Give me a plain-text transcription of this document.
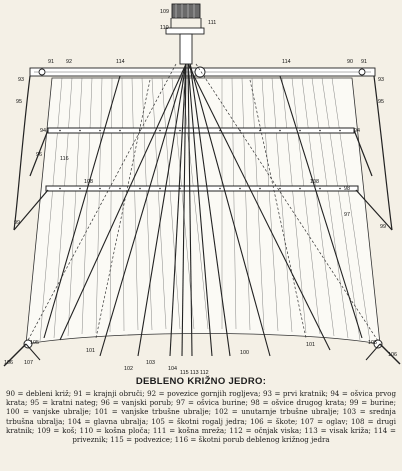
109
110
111
91 92	114	114	90 91
93	93
95	95
94	94
96
116
108	108
97
98
99
99
106
106
105	105
107
101
101
102
103
104
115 113 112
100
DEBLENO KRIŽNO JEDRO:
90 = debleni križ; 91 = krajnji obruči; 92 = povezice gornjih rogljeva; 93 = prvi kratnik; 94 = ošvica prvog krata; 95 = kratni nateg; 96 = vanjski porub; 97 = ošvica burine; 98 = ošvice drugog krata; 99 = burine; 100 = vanjske ubralje; 101 = vanjske trbušne ubralje; 102 = unutarnje trbušne ubralje; 103 = srednja trbušna ubralja; 104 = glavna ubralja; 105 = škotni rogalj jedra; 106 = škote; 107 = oglav; 108 = drugi kratnik; 109 = koš; 110 = košna ploča; 111 = košna mreža; 112 = očnjak viska; 113 = visak križa; 114 = priveznik; 115 = podvezice; 116 = škotni porub deblenog križnog jedra
